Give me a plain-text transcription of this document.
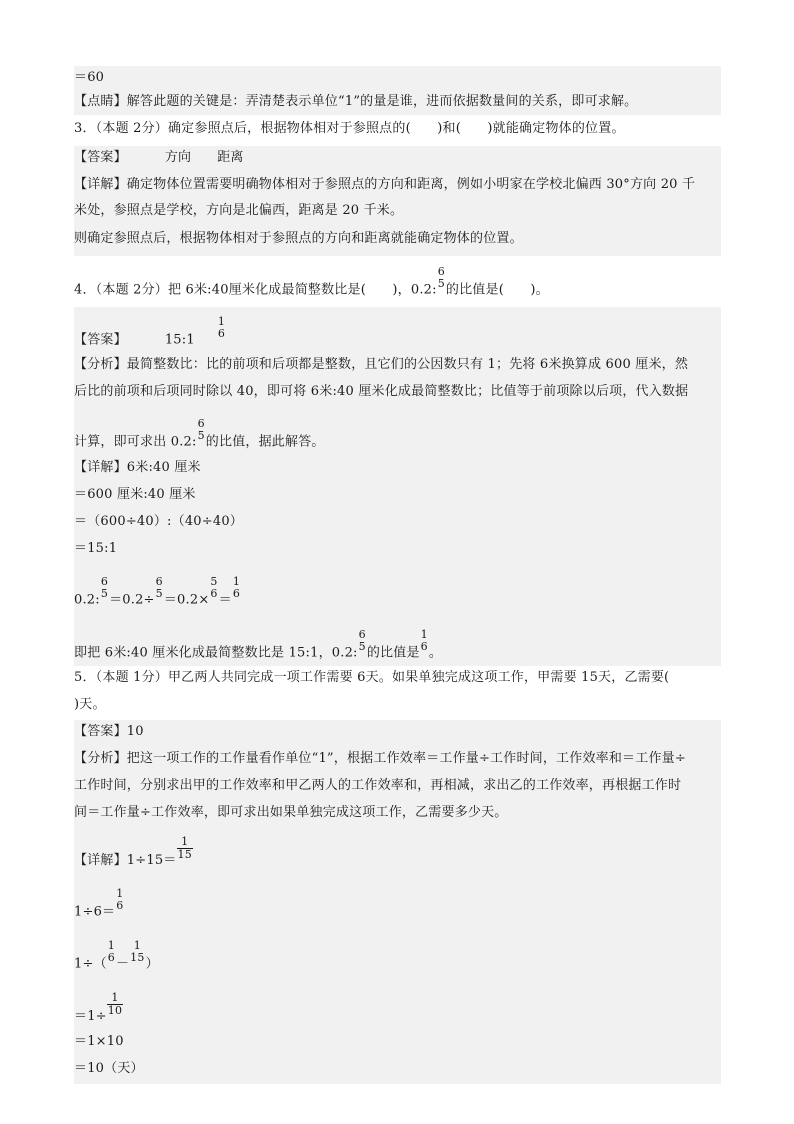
＝60
【点睛】解答此题的关键是：弄清楚表示单位“1”的量是谁，进而依据数量间的关系，即可求解。
3．（本题 2分）确定参照点后，根据物体相对于参照点的(　　)和(　　)就能确定物体的位置。
【答案】	方向 距离
【详解】确定物体位置需要明确物体相对于参照点的方向和距离，例如小明家在学校北偏西 30°方向 20 千
米处，参照点是学校，方向是北偏西，距离是 20 千米。
则确定参照点后，根据物体相对于参照点的方向和距离就能确定物体的位置。
4．（本题 2分）把 6米:40厘米化成最简整数比是(　　)，0.2:
6
5 的比值是(　　)。
【答案】	15:1
1
6
【分析】最简整数比：比的前项和后项都是整数，且它们的公因数只有 1；先将 6米换算成 600 厘米，然
后比的前项和后项同时除以 40，即可将 6米:40 厘米化成最简整数比；比值等于前项除以后项，代入数据
计算，即可求出 0.2:
6
5 的比值，据此解答。
【详解】6米:40 厘米
＝600 厘米:40 厘米
＝（600÷40）:（40÷40）
＝15:1
0.2:
6
5 ＝0.2÷
6
5 ＝0.2×
5
6 ＝
1
6
即把 6米:40 厘米化成最简整数比是 15:1，0.2:
6
5 的比值是
1
6 。
5．（本题 1分）甲乙两人共同完成一项工作需要 6天。如果单独完成这项工作，甲需要 15天，乙需要(
)天。
【答案】10
【分析】把这一项工作的工作量看作单位“1”，根据工作效率＝工作量÷工作时间，工作效率和＝工作量÷
工作时间，分别求出甲的工作效率和甲乙两人的工作效率和，再相减，求出乙的工作效率，再根据工作时
间＝工作量÷工作效率，即可求出如果单独完成这项工作，乙需要多少天。
【详解】$1\div 15= \frac{1}{15}$
1÷6＝
1
6
1÷（
1
6 －
1
15 ）
$=1\div \frac{1}{10}$
＝1×10
＝10（天）
